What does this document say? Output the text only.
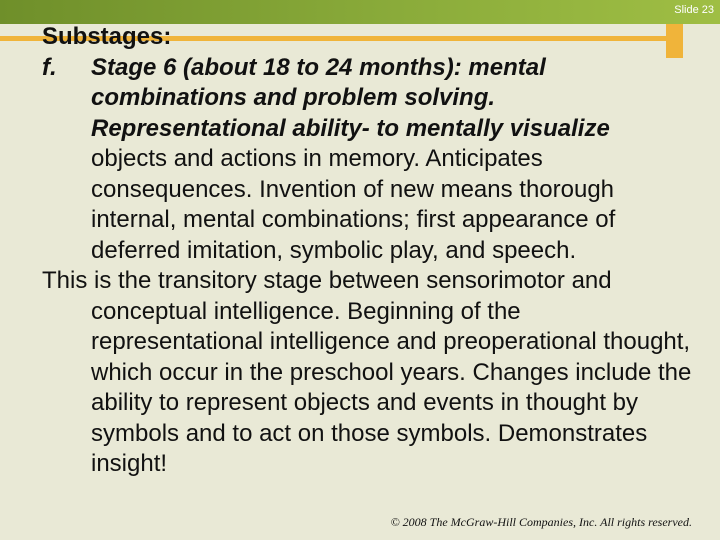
Slide 23
Substages:
f. Stage 6 (about 18 to 24 months): mental combinations and problem solving. Representational ability- to mentally visualize objects and actions in memory. Anticipates consequences. Invention of new means thorough internal, mental combinations; first appearance of deferred imitation, symbolic play, and speech.
This is the transitory stage between sensorimotor and conceptual intelligence. Beginning of the representational intelligence and preoperational thought, which occur in the preschool years. Changes include the ability to represent objects and events in thought by symbols and to act on those symbols. Demonstrates insight!
© 2008 The McGraw-Hill Companies, Inc. All rights reserved.
